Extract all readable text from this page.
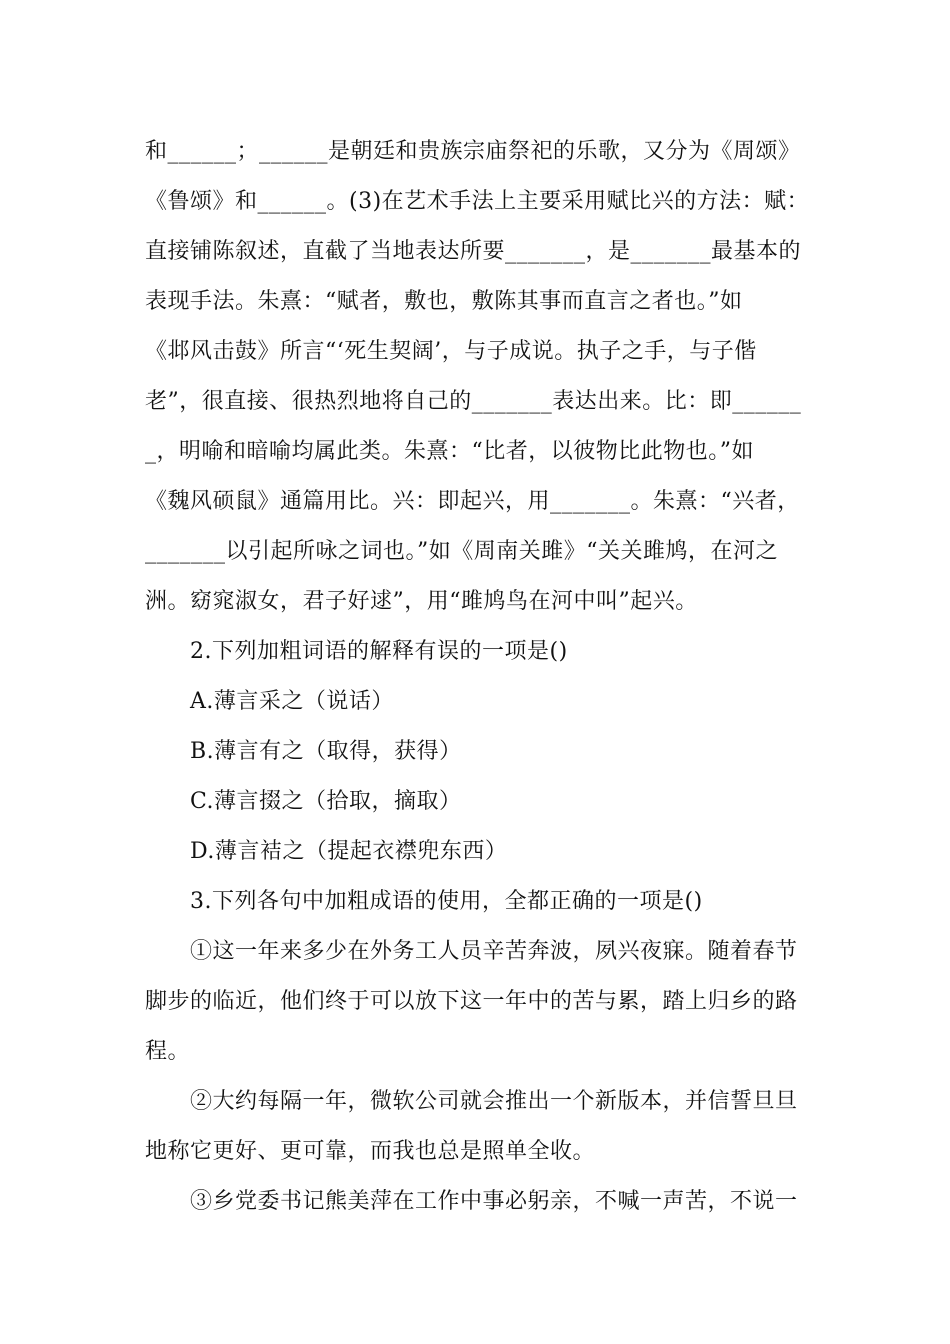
和______；______是朝廷和贵族宗庙祭祀的乐歌，又分为《周颂》
《鲁颂》和______。(3)在艺术手法上主要采用赋比兴的方法：赋：
直接铺陈叙述，直截了当地表达所要_______，是_______最基本的
表现手法。朱熹：“赋者，敷也，敷陈其事而直言之者也。”如
《邶风击鼓》所言“‘死生契阔’，与子成说。执子之手，与子偕
老”，很直接、很热烈地将自己的_______表达出来。比：即______
_，明喻和暗喻均属此类。朱熹：“比者，以彼物比此物也。”如
《魏风硕鼠》通篇用比。兴：即起兴，用_______。朱熹：“兴者，
_______以引起所咏之词也。”如《周南关雎》“关关雎鸠，在河之
洲。窈窕淑女，君子好逑”，用“雎鸠鸟在河中叫”起兴。
2.下列加粗词语的解释有误的一项是()
A.薄言采之（说话）
B.薄言有之（取得，获得）
C.薄言掇之（拾取，摘取）
D.薄言袺之（提起衣襟兜东西）
3.下列各句中加粗成语的使用，全都正确的一项是()
①这一年来多少在外务工人员辛苦奔波，夙兴夜寐。随着春节
脚步的临近，他们终于可以放下这一年中的苦与累，踏上归乡的路
程。
②大约每隔一年，微软公司就会推出一个新版本，并信誓旦旦
地称它更好、更可靠，而我也总是照单全收。
③乡党委书记熊美萍在工作中事必躬亲，不喊一声苦，不说一
